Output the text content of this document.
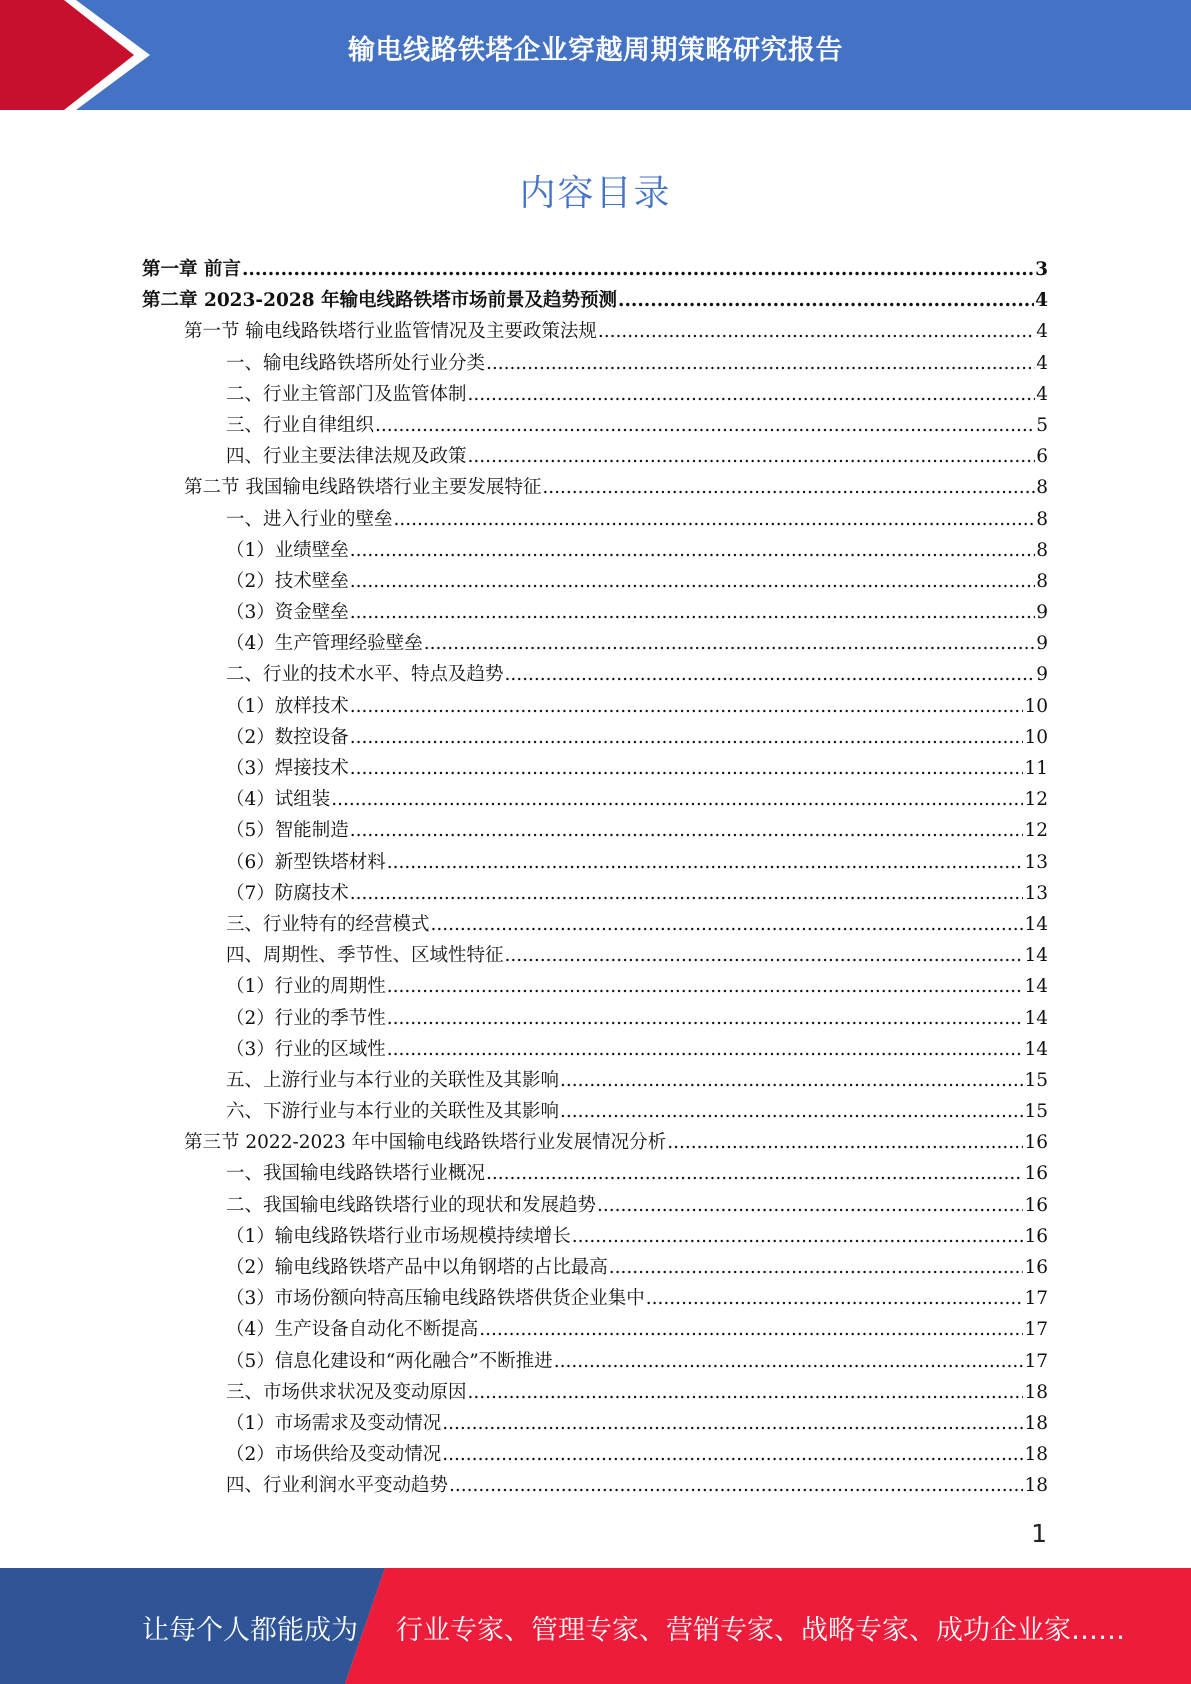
输电线路铁塔企业穿越周期策略研究报告
内容目录
第一章 前言 .....	3
第二章 2023-2028 年输电线路铁塔市场前景及趋势预测 .....	4
第一节 输电线路铁塔行业监管情况及主要政策法规 .....	4
一、输电线路铁塔所处行业分类 .....	4
二、行业主管部门及监管体制 .....	4
三、行业自律组织 .....	5
四、行业主要法律法规及政策 .....	6
第二节 我国输电线路铁塔行业主要发展特征 .....	8
一、进入行业的壁垒 .....	8
（1）业绩壁垒 .....	8
（2）技术壁垒 .....	8
（3）资金壁垒 .....	9
（4）生产管理经验壁垒 .....	9
二、行业的技术水平、特点及趋势 .....	9
（1）放样技术 .....	10
（2）数控设备 .....	10
（3）焊接技术 .....	11
（4）试组装 .....	12
（5）智能制造 .....	12
（6）新型铁塔材料 .....	13
（7）防腐技术 .....	13
三、行业特有的经营模式 .....	14
四、周期性、季节性、区域性特征 .....	14
（1）行业的周期性 .....	14
（2）行业的季节性 .....	14
（3）行业的区域性 .....	14
五、上游行业与本行业的关联性及其影响 .....	15
六、下游行业与本行业的关联性及其影响 .....	15
第三节 2022-2023 年中国输电线路铁塔行业发展情况分析 .....	16
一、我国输电线路铁塔行业概况 .....	16
二、我国输电线路铁塔行业的现状和发展趋势 .....	16
（1）输电线路铁塔行业市场规模持续增长 .....	16
（2）输电线路铁塔产品中以角钢塔的占比最高 .....	16
（3）市场份额向特高压输电线路铁塔供货企业集中 .....	17
（4）生产设备自动化不断提高 .....	17
（5）信息化建设和“两化融合”不断推进 .....	17
三、市场供求状况及变动原因 .....	18
（1）市场需求及变动情况 .....	18
（2）市场供给及变动情况 .....	18
四、行业利润水平变动趋势 .....	18
1
让每个人都能成为 行业专家、管理专家、营销专家、战略专家、成功企业家……
